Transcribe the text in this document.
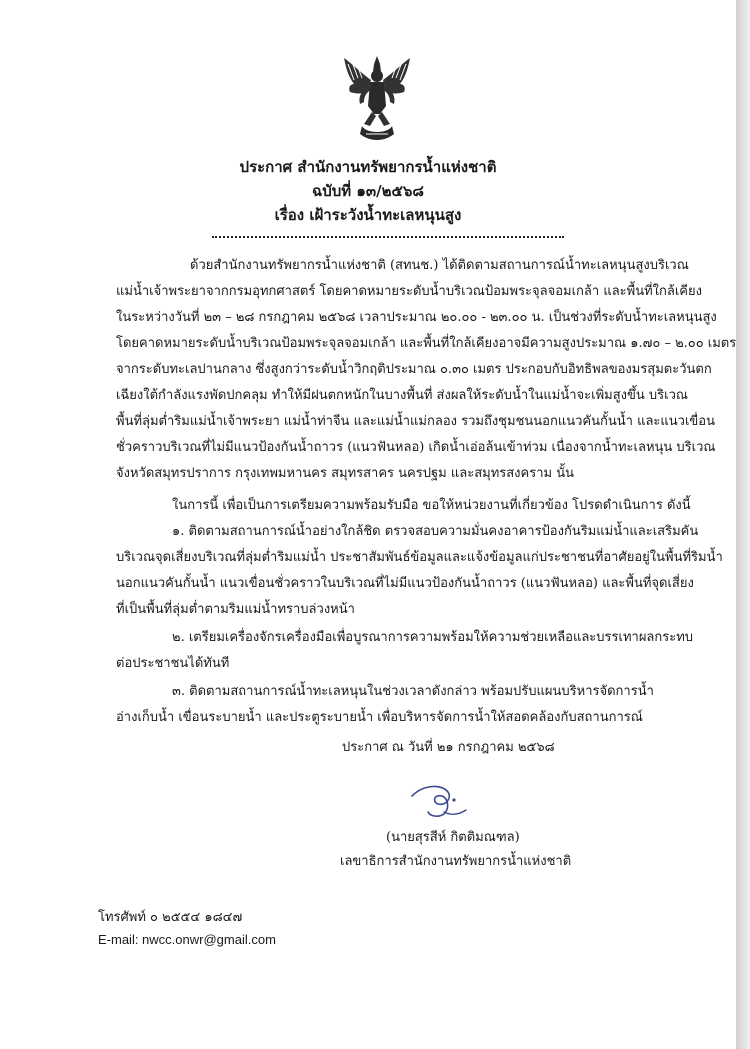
ประกาศ สำนักงานทรัพยากรน้ำแห่งชาติ
ฉบับที่ ๑๓/๒๕๖๘
เรื่อง เฝ้าระวังน้ำทะเลหนุนสูง
ด้วยสำนักงานทรัพยากรน้ำแห่งชาติ (สทนช.) ได้ติดตามสถานการณ์น้ำทะเลหนุนสูงบริเวณ
แม่น้ำเจ้าพระยาจากกรมอุทกศาสตร์ โดยคาดหมายระดับน้ำบริเวณป้อมพระจุลจอมเกล้า และพื้นที่ใกล้เคียง
ในระหว่างวันที่ ๒๓ – ๒๘ กรกฎาคม ๒๕๖๘ เวลาประมาณ ๒๐.๐๐ - ๒๓.๐๐ น. เป็นช่วงที่ระดับน้ำทะเลหนุนสูง
โดยคาดหมายระดับน้ำบริเวณป้อมพระจุลจอมเกล้า และพื้นที่ใกล้เคียงอาจมีความสูงประมาณ ๑.๗๐ – ๒.๐๐ เมตร
จากระดับทะเลปานกลาง ซึ่งสูงกว่าระดับน้ำวิกฤติประมาณ ๐.๓๐ เมตร ประกอบกับอิทธิพลของมรสุมตะวันตก
เฉียงใต้กำลังแรงพัดปกคลุม ทำให้มีฝนตกหนักในบางพื้นที่ ส่งผลให้ระดับน้ำในแม่น้ำจะเพิ่มสูงขึ้น บริเวณ
พื้นที่ลุ่มต่ำริมแม่น้ำเจ้าพระยา แม่น้ำท่าจีน และแม่น้ำแม่กลอง รวมถึงชุมชนนอกแนวคันกั้นน้ำ และแนวเขื่อน
ชั่วคราวบริเวณที่ไม่มีแนวป้องกันน้ำถาวร (แนวฟันหลอ) เกิดน้ำเอ่อล้นเข้าท่วม เนื่องจากน้ำทะเลหนุน บริเวณ
จังหวัดสมุทรปราการ กรุงเทพมหานคร สมุทรสาคร นครปฐม และสมุทรสงคราม นั้น
ในการนี้ เพื่อเป็นการเตรียมความพร้อมรับมือ ขอให้หน่วยงานที่เกี่ยวข้อง โปรดดำเนินการ ดังนี้
๑. ติดตามสถานการณ์น้ำอย่างใกล้ชิด ตรวจสอบความมั่นคงอาคารป้องกันริมแม่น้ำและเสริมคัน
บริเวณจุดเสี่ยงบริเวณที่ลุ่มต่ำริมแม่น้ำ ประชาสัมพันธ์ข้อมูลและแจ้งข้อมูลแก่ประชาชนที่อาศัยอยู่ในพื้นที่ริมน้ำ
นอกแนวคันกั้นน้ำ แนวเขื่อนชั่วคราวในบริเวณที่ไม่มีแนวป้องกันน้ำถาวร (แนวฟันหลอ) และพื้นที่จุดเสี่ยง
ที่เป็นพื้นที่ลุ่มต่ำตามริมแม่น้ำทราบล่วงหน้า
๒. เตรียมเครื่องจักรเครื่องมือเพื่อบูรณาการความพร้อมให้ความช่วยเหลือและบรรเทาผลกระทบ
ต่อประชาชนได้ทันที
๓. ติดตามสถานการณ์น้ำทะเลหนุนในช่วงเวลาดังกล่าว พร้อมปรับแผนบริหารจัดการน้ำ
อ่างเก็บน้ำ เขื่อนระบายน้ำ และประตูระบายน้ำ เพื่อบริหารจัดการน้ำให้สอดคล้องกับสถานการณ์
ประกาศ ณ วันที่ ๒๑ กรกฎาคม ๒๕๖๘
(นายสุรสีห์ กิตติมณฑล)
เลขาธิการสำนักงานทรัพยากรน้ำแห่งชาติ
โทรศัพท์ ๐ ๒๕๕๔ ๑๘๔๗
E-mail: nwcc.onwr@gmail.com
